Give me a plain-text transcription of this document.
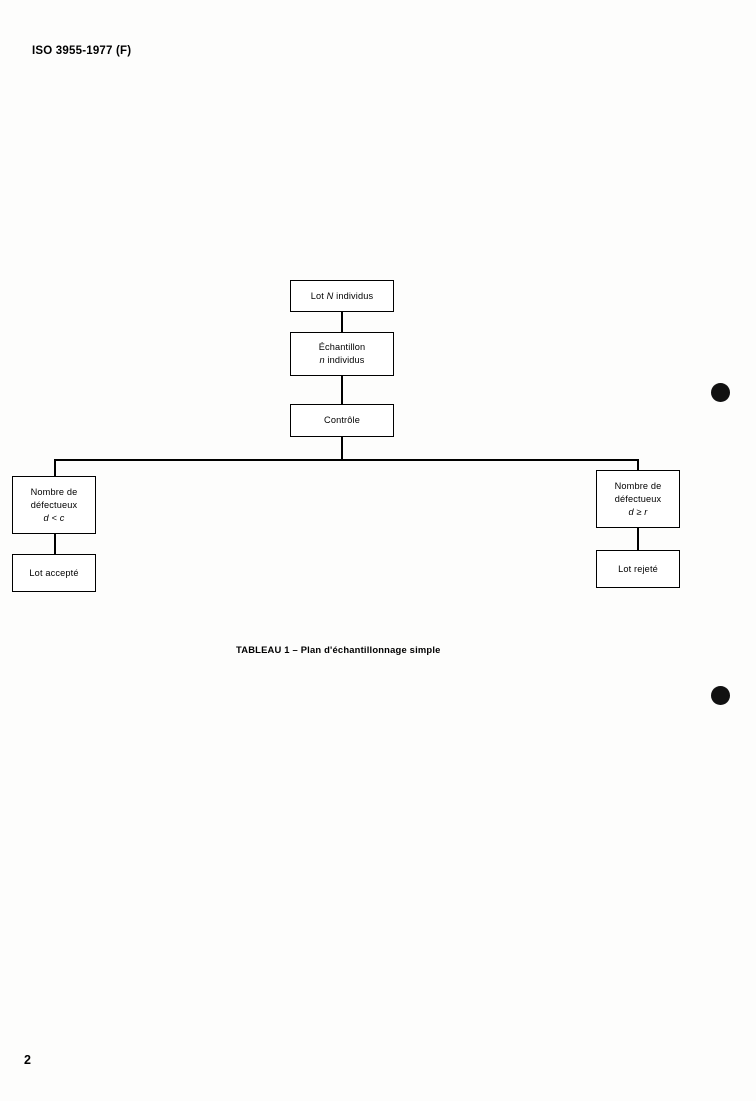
ISO 3955-1977 (F)
Lot N individus
Échantillon
n individus
Contrôle
Nombre de
défectueux
d < c
Lot accepté
Nombre de
défectueux
d ≥ r
Lot rejeté
TABLEAU 1 – Plan d'échantillonnage simple
2
